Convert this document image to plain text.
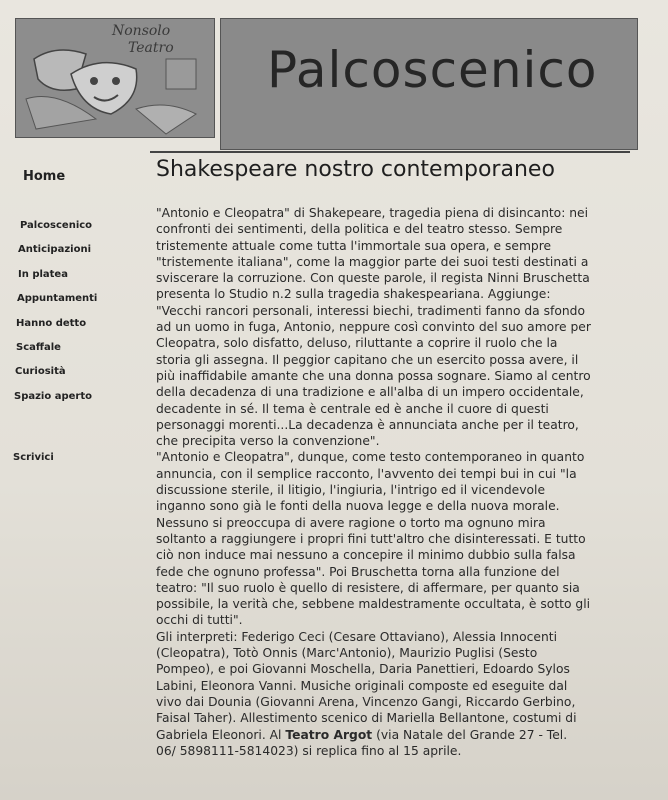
Nonsolo
Teatro Palcoscenico
Home
Palcoscenico
Anticipazioni
In platea
Appuntamenti
Hanno detto
Scaffale
Curiosità
Spazio aperto
Scrivici
Shakespeare nostro contemporaneo
"Antonio e Cleopatra" di Shakepeare, tragedia piena di disincanto: nei
confronti dei sentimenti, della politica e del teatro stesso. Sempre
tristemente attuale come tutta l'immortale sua opera, e sempre
"tristemente italiana", come la maggior parte dei suoi testi destinati a
sviscerare la corruzione. Con queste parole, il regista Ninni Bruschetta
presenta lo Studio n.2 sulla tragedia shakespeariana. Aggiunge:
"Vecchi rancori personali, interessi biechi, tradimenti fanno da sfondo
ad un uomo in fuga, Antonio, neppure così convinto del suo amore per
Cleopatra, solo disfatto, deluso, riluttante a coprire il ruolo che la
storia gli assegna. Il peggior capitano che un esercito possa avere, il
più inaffidabile amante che una donna possa sognare. Siamo al centro
della decadenza di una tradizione e all'alba di un impero occidentale,
decadente in sé. Il tema è centrale ed è anche il cuore di questi
personaggi morenti...La decadenza è annunciata anche per il teatro,
che precipita verso la convenzione".
"Antonio e Cleopatra", dunque, come testo contemporaneo in quanto
annuncia, con il semplice racconto, l'avvento dei tempi bui in cui "la
discussione sterile, il litigio, l'ingiuria, l'intrigo ed il vicendevole
inganno sono già le fonti della nuova legge e della nuova morale.
Nessuno si preoccupa di avere ragione o torto ma ognuno mira
soltanto a raggiungere i propri fini tutt'altro che disinteressati. E tutto
ciò non induce mai nessuno a concepire il minimo dubbio sulla falsa
fede che ognuno professa". Poi Bruschetta torna alla funzione del
teatro: "Il suo ruolo è quello di resistere, di affermare, per quanto sia
possibile, la verità che, sebbene maldestramente occultata, è sotto gli
occhi di tutti".
Gli interpreti: Federigo Ceci (Cesare Ottaviano), Alessia Innocenti
(Cleopatra), Totò Onnis (Marc'Antonio), Maurizio Puglisi (Sesto
Pompeo), e poi Giovanni Moschella, Daria Panettieri, Edoardo Sylos
Labini, Eleonora Vanni. Musiche originali composte ed eseguite dal
vivo dai Dounia (Giovanni Arena, Vincenzo Gangi, Riccardo Gerbino,
Faisal Taher). Allestimento scenico di Mariella Bellantone, costumi di
Gabriela Eleonori. Al Teatro Argot (via Natale del Grande 27 - Tel.
06/ 5898111-5814023) si replica fino al 15 aprile.
